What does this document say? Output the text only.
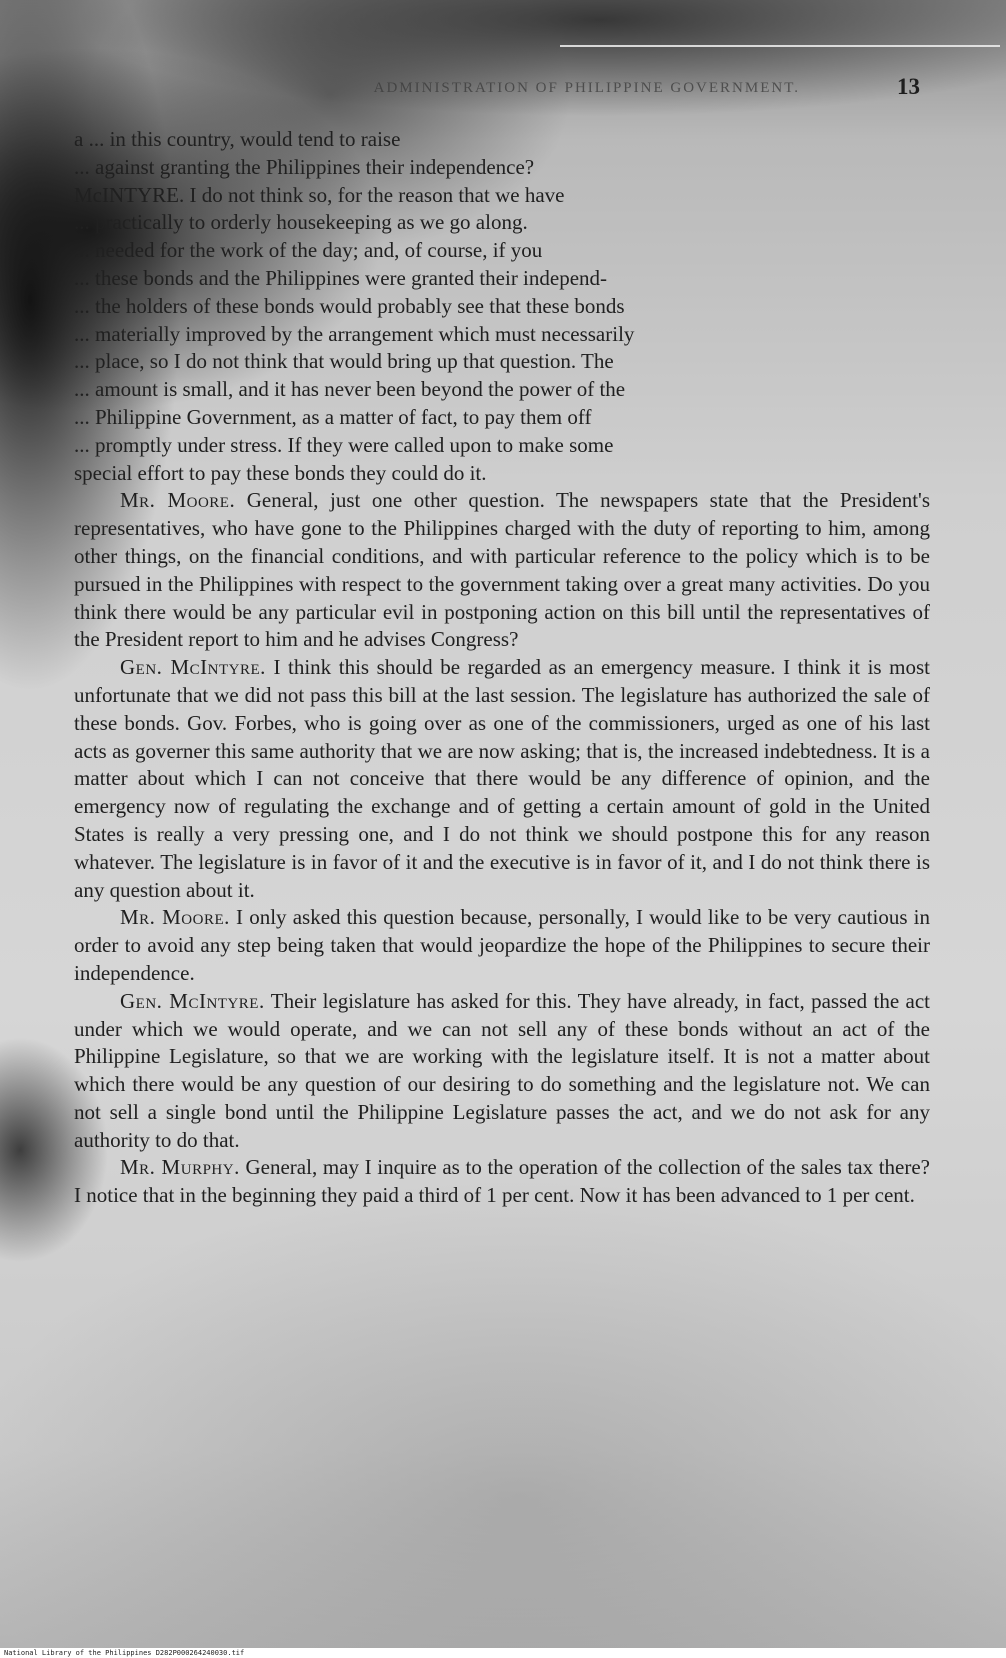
ADMINISTRATION OF PHILIPPINE GOVERNMENT.	13

a ... in this country, would tend to raise
... against granting the Philippines their independence?
McINTYRE. I do not think so, for the reason that we have
... practically to orderly housekeeping as we go along.
... needed for the work of the day; and, of course, if you
... these bonds and the Philippines were granted their independ-
... the holders of these bonds would probably see that these bonds
... materially improved by the arrangement which must necessarily
... place, so I do not think that would bring up that question. The
... amount is small, and it has never been beyond the power of the
... Philippine Government, as a matter of fact, to pay them off
... promptly under stress. If they were called upon to make some
special effort to pay these bonds they could do it.

Mr. Moore. General, just one other question. The newspapers state that the President's representatives, who have gone to the Philippines charged with the duty of reporting to him, among other things, on the financial conditions, and with particular reference to the policy which is to be pursued in the Philippines with respect to the government taking over a great many activities. Do you think there would be any particular evil in postponing action on this bill until the representatives of the President report to him and he advises Congress?

Gen. McIntyre. I think this should be regarded as an emergency measure. I think it is most unfortunate that we did not pass this bill at the last session. The legislature has authorized the sale of these bonds. Gov. Forbes, who is going over as one of the commissioners, urged as one of his last acts as governer this same authority that we are now asking; that is, the increased indebtedness. It is a matter about which I can not conceive that there would be any difference of opinion, and the emergency now of regulating the exchange and of getting a certain amount of gold in the United States is really a very pressing one, and I do not think we should postpone this for any reason whatever. The legislature is in favor of it and the executive is in favor of it, and I do not think there is any question about it.

Mr. Moore. I only asked this question because, personally, I would like to be very cautious in order to avoid any step being taken that would jeopardize the hope of the Philippines to secure their independence.

Gen. McIntyre. Their legislature has asked for this. They have already, in fact, passed the act under which we would operate, and we can not sell any of these bonds without an act of the Philippine Legislature, so that we are working with the legislature itself. It is not a matter about which there would be any question of our desiring to do something and the legislature not. We can not sell a single bond until the Philippine Legislature passes the act, and we do not ask for any authority to do that.

Mr. Murphy. General, may I inquire as to the operation of the collection of the sales tax there? I notice that in the beginning they paid a third of 1 per cent. Now it has been advanced to 1 per cent.

National Library of the Philippines D282P000264240030.tif
